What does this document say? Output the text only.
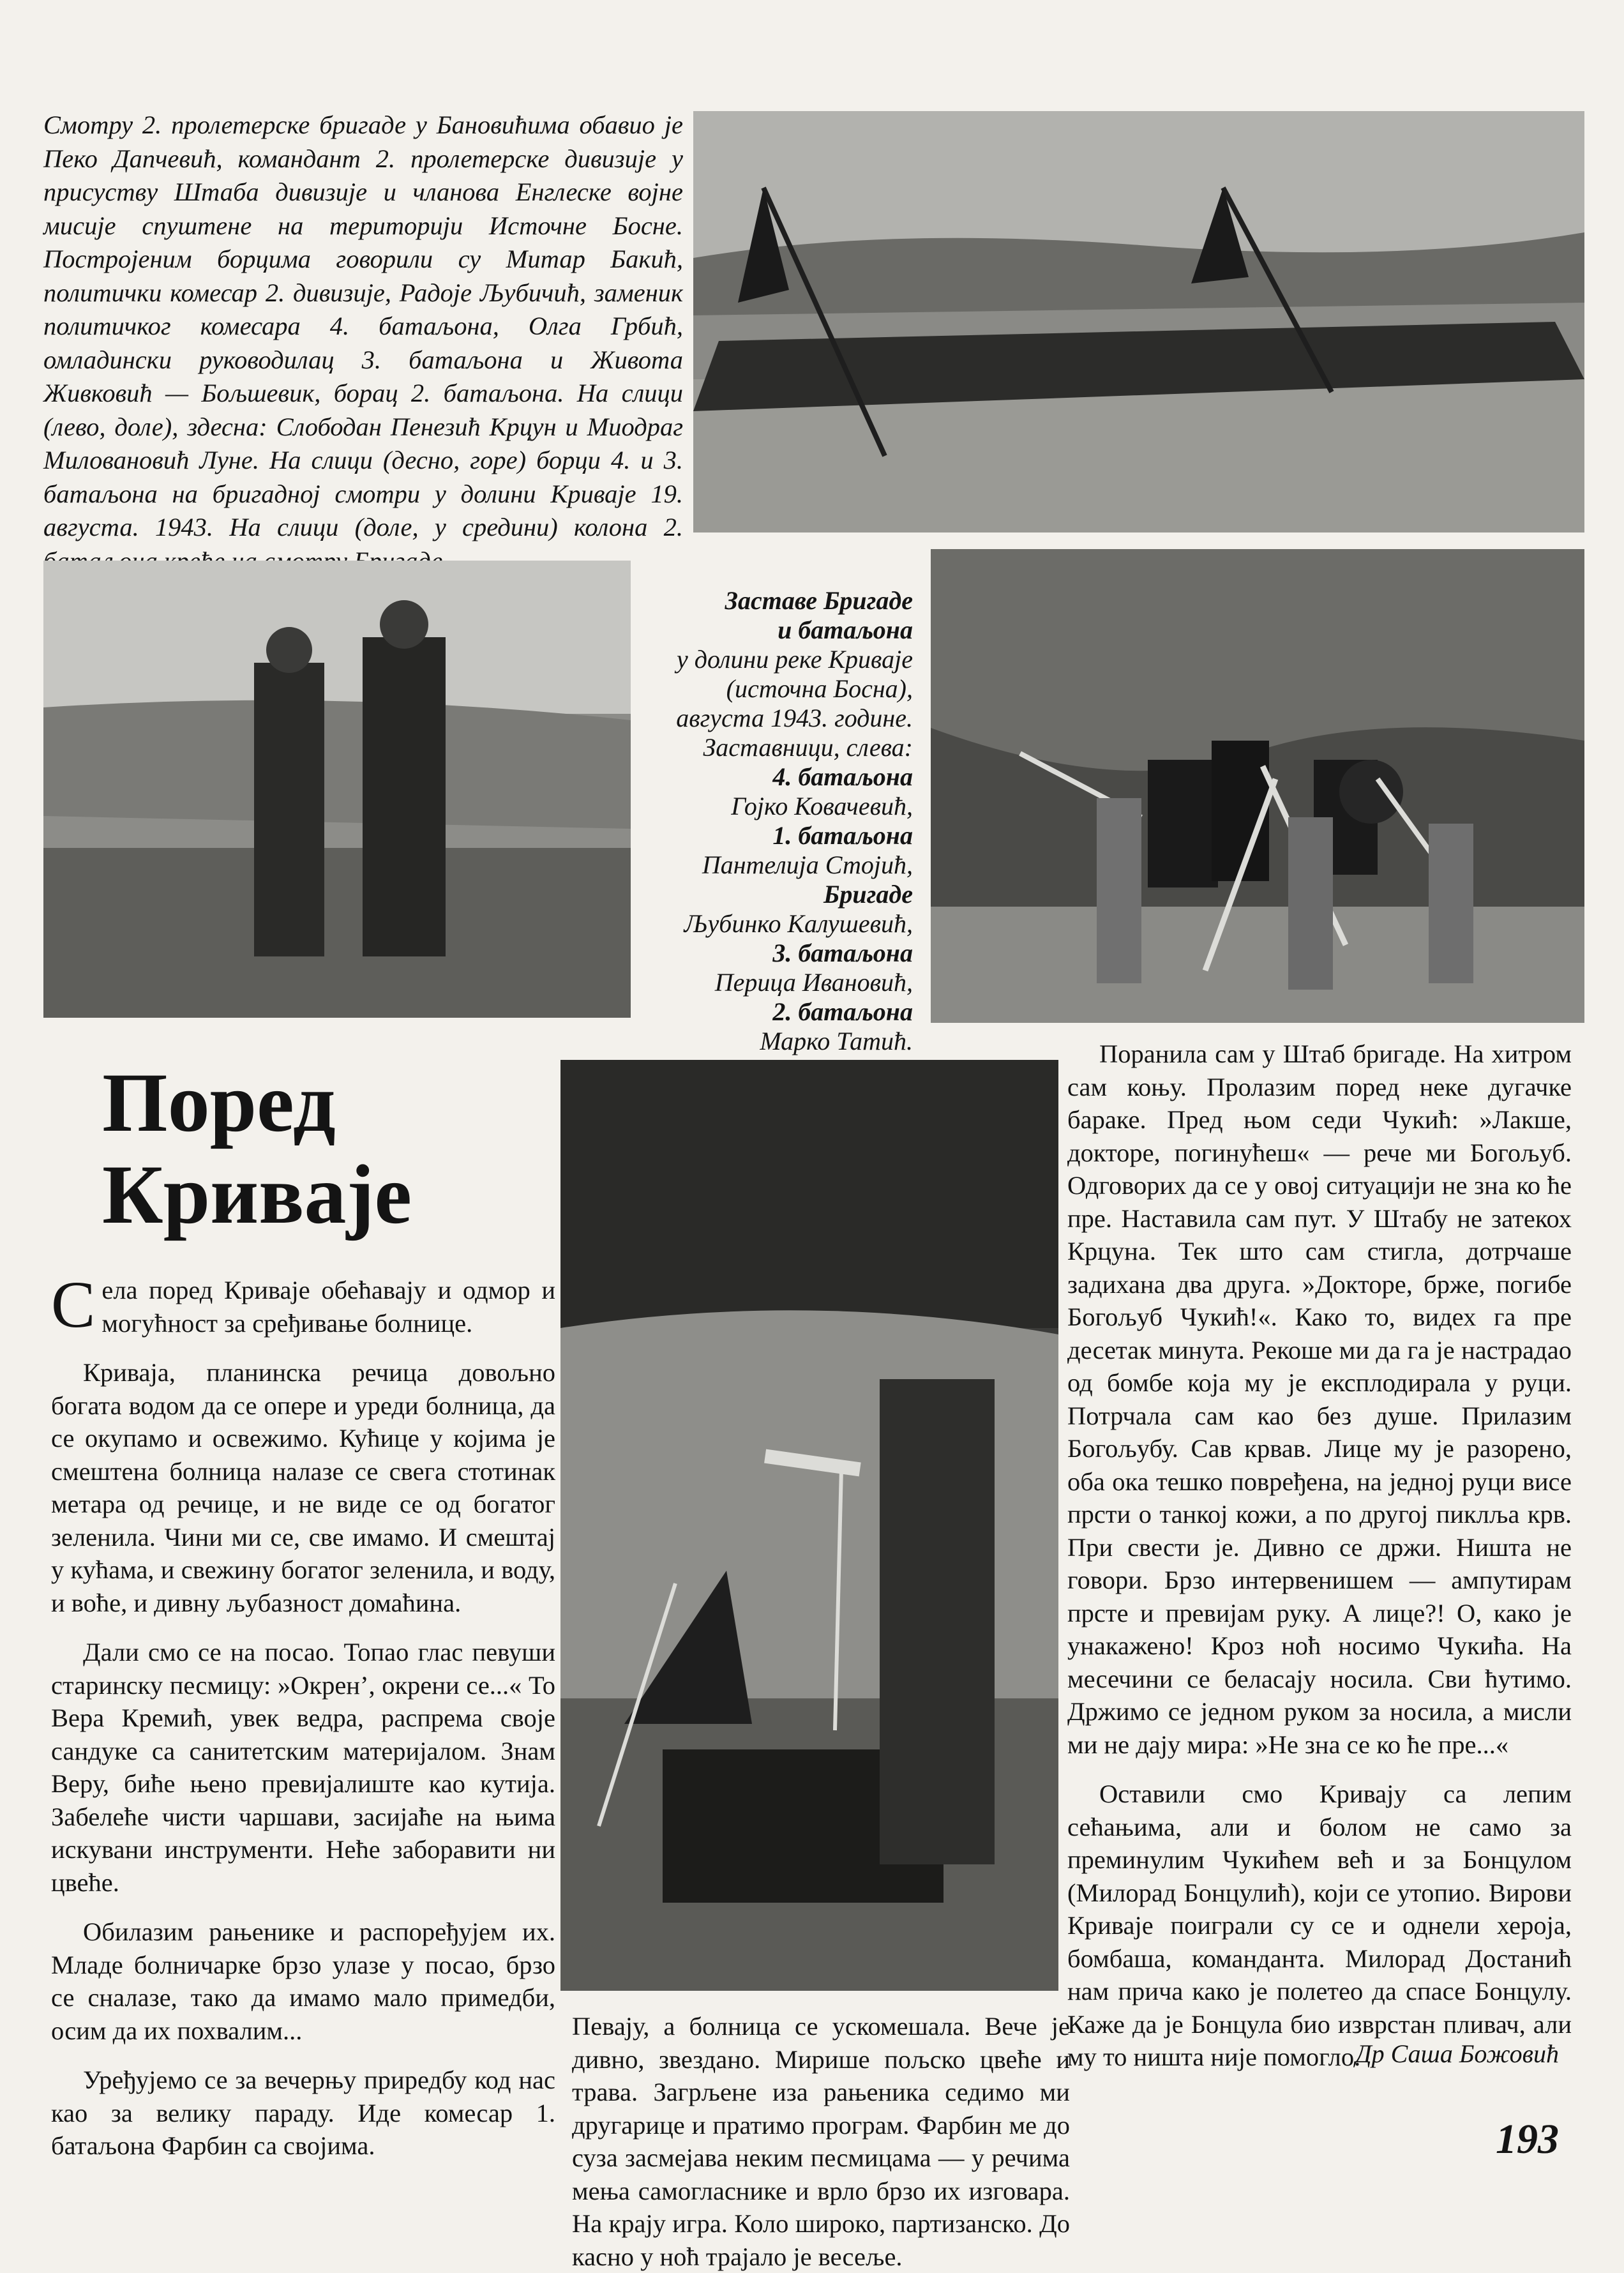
Смотру 2. пролетерске бригаде у Бановићима обавио је Пеко Дапчевић, командант 2. пролетерске дивизије у присуству Штаба дивизије и чланова Енглеске војне мисије спуштене на територији Источне Босне. Постројеним борцима говорили су Митар Бакић, политички комесар 2. дивизије, Радоје Љубичић, заменик политичког комесара 4. батаљона, Олга Грбић, омладински руководилац 3. батаљона и Живота Живковић — Бољшевик, борац 2. батаљона. На слици (лево, доле), здесна: Слободан Пенезић Крцун и Миодраг Миловановић Луне. На слици (десно, горе) борци 4. и 3. батаљона на бригадној смотри у долини Криваје 19. августа. 1943. На слици (доле, у средини) колона 2.
Заставе Бригаде
и батаљона
у долини реке Криваје
(источна Босна),
августа 1943. године.
Заставници, слева:
4. батаљона
Гојко Ковачевић,
1. батаљона
Пантелија Стојић,
Бригаде
Љубинко Калушевић,
3. батаљона
Перица Ивановић,
2. батаљона
Марко Татић.
Поред
Криваје

Села поред Криваје обећавају и одмор и могућност за сређивање болнице.

Криваја, планинска речица довољно богата водом да се опере и уреди болница, да се окупамо и освежимо. Кућице у којима је смештена болница налазе се свега стотинак метара од речице, и не виде се од богатог зеленила. Чини ми се, све имамо. И смештај у кућама, и свежину богатог зеленила, и воду, и воће, и дивну љубазност домаћина.

Дали смо се на посао. Топао глас певуши старинску песмицу: »Окрен’, окрени се...« То Вера Кремић, увек ведра, распрема своје сандуке са санитетским материјалом. Знам Веру, биће њено превијалиште као кутија. Забелеће чисти чаршави, засијаће на њима искувани инструменти. Неће заборавити ни цвеће.

Обилазим рањенике и распоређујем их. Младе болничарке брзо улазе у посао, брзо се сналазе, тако да имамо мало примедби, осим да их похвалим...

Уређујемо се за вечерњу приредбу код нас као за велику параду. Иде комесар 1. батаљона Фарбин са својима.

Певају, а болница се ускомешала. Вече је дивно, звездано. Мирише пољско цвеће и трава. Загрљене иза рањеника седимо ми другарице и пратимо програм. Фарбин ме до суза засмејава неким песмицама — у речима мења самогласнике и врло брзо их изговара. На крају игра. Коло широко, партизанско. До касно у ноћ трајало је весеље.

Поранила сам у Штаб бригаде. На хитром сам коњу. Пролазим поред неке дугачке бараке. Пред њом седи Чукић: »Лакше, докторе, погинућеш« — рече ми Богољуб. Одговорих да се у овој ситуацији не зна ко ће пре. Наставила сам пут. У Штабу не затекох Крцуна. Тек што сам стигла, дотрчаше задихана два друга. »Докторе, брже, погибе Богољуб Чукић!«. Како то, видех га пре десетак минута. Рекоше ми да га је настрадао од бомбе која му је експлодирала у руци. Потрчала сам као без душе. Прилазим Богољубу. Сав крвав. Лице му је разорено, оба ока тешко повређена, на једној руци висе прсти о танкој кожи, а по другој пиклља крв. При свести је. Дивно се држи. Ништа не говори. Брзо интервенишем — ампутирам прсте и превијам руку. А лице?! О, како је унакажено! Кроз ноћ носимо Чукића. На месечини се беласају носила. Сви ћутимо. Држимо се једном руком за носила, а мисли ми не дају мира: »Не зна се ко ће пре...«

Оставили смо Кривају са лепим сећањима, али и болом не само за преминулим Чукићем већ и за Бонцулом (Милорад Бонцулић), који се утопио. Вирови Криваје поиграли су се и однели хероја, бомбаша, команданта. Милорад Достанић нам прича како је полетео да спасе Бонцулу. Каже да је Бонцула био изврстан пливач, али му то ништа није помогло.

Др Саша Божовић
193
